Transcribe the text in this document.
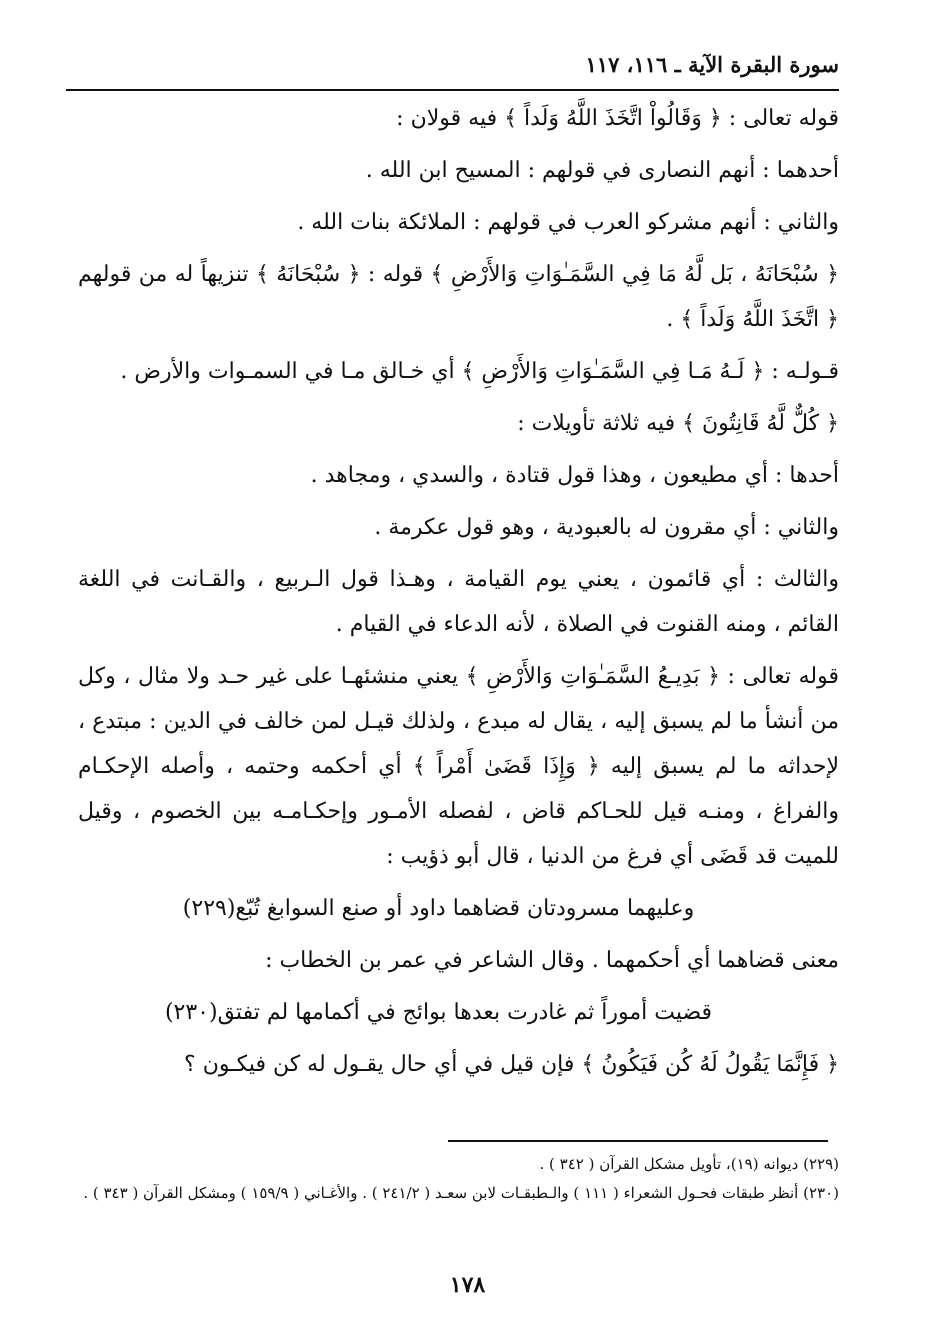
سورة البقرة الآية ـ ١١٦، ١١٧

قوله تعالى : ﴿ وَقَالُواْ اتَّخَذَ اللَّهُ وَلَداً ﴾ فيه قولان :

أحدهما : أنهم النصارى في قولهم : المسيح ابن الله .

والثاني : أنهم مشركو العرب في قولهم : الملائكة بنات الله .

﴿ سُبْحَانَهُ ، بَل لَّهُ مَا فِي السَّمَـٰوَاتِ وَالأَرْضِ ﴾ قوله : ﴿ سُبْحَانَهُ ﴾ تنزيهاً له من قولهم ﴿ اتَّخَذَ اللَّهُ وَلَداً ﴾ .

قـولـه : ﴿ لَـهُ مَـا فِي السَّمَـٰوَاتِ وَالأَرْضِ ﴾ أي خـالق مـا في السمـوات والأرض .

﴿ كُلٌّ لَّهُ قَانِتُونَ ﴾ فيه ثلاثة تأويلات :

أحدها : أي مطيعون ، وهذا قول قتادة ، والسدي ، ومجاهد .

والثاني : أي مقرون له بالعبودية ، وهو قول عكرمة .

والثالث : أي قائمون ، يعني يوم القيامة ، وهـذا قول الـربيع ، والقـانت في اللغة القائم ، ومنه القنوت في الصلاة ، لأنه الدعاء في القيام .

قوله تعالى : ﴿ بَدِيـعُ السَّمَـٰوَاتِ وَالأَرْضِ ﴾ يعني منشئهـا على غير حـد ولا مثال ، وكل من أنشأ ما لم يسبق إليه ، يقال له مبدع ، ولذلك قيـل لمن خالف في الدين : مبتدع ، لإحداثه ما لم يسبق إليه ﴿ وَإِذَا قَضَىٰ أَمْراً ﴾ أي أحكمه وحتمه ، وأصله الإحكـام والفراغ ، ومنـه قيل للحـاكم قاض ، لفصله الأمـور وإحكـامـه بين الخصوم ، وقيل للميت قد قَضَى أي فرغ من الدنيا ، قال أبو ذؤيب :

وعليهما مسرودتان قضاهما داود أو صنع السوابغ تُبّع(٢٢٩)

معنى قضاهما أي أحكمهما . وقال الشاعر في عمر بن الخطاب :

قضيت أموراً ثم غادرت بعدها بوائج في أكمامها لم تفتق(٢٣٠)

﴿ فَإِنَّمَا يَقُولُ لَهُ كُن فَيَكُونُ ﴾ فإن قيل في أي حال يقـول له كن فيكـون ؟

(٢٢٩) ديوانه (١٩)، تأويل مشكل القرآن ( ٣٤٢ ) .

(٢٣٠) أنظر طبقات فحـول الشعراء ( ١١١ ) والـطبقـات لابن سعـد ( ٢٤١/٢ ) . والأغـاني ( ١٥٩/٩ ) ومشكل القرآن ( ٣٤٣ ) .

١٧٨
